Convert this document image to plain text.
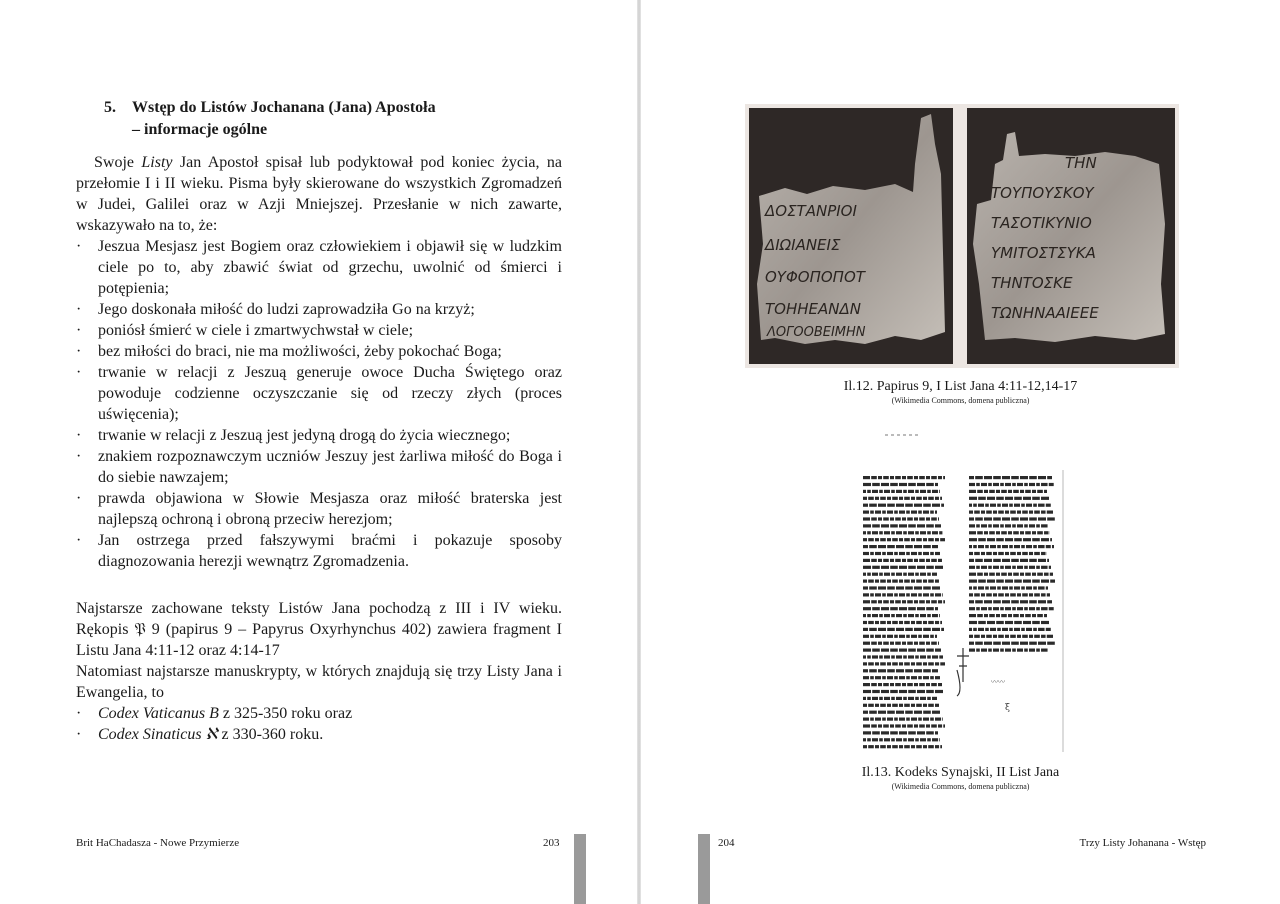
5. Wstęp do Listów Jochanana (Jana) Apostoła
– informacje ogólne

Swoje Listy Jan Apostoł spisał lub podyktował pod koniec życia, na przełomie I i II wieku. Pisma były skierowane do wszystkich Zgromadzeń w Judei, Galilei oraz w Azji Mniejszej. Przesłanie w nich zawarte, wskazywało na to, że:

· Jeszua Mesjasz jest Bogiem oraz człowiekiem i objawił się w ludzkim ciele po to, aby zbawić świat od grzechu, uwolnić od śmierci i potępienia;
· Jego doskonała miłość do ludzi zaprowadziła Go na krzyż;
· poniósł śmierć w ciele i zmartwychwstał w ciele;
· bez miłości do braci, nie ma możliwości, żeby pokochać Boga;
· trwanie w relacji z Jeszuą generuje owoce Ducha Świętego oraz powoduje codzienne oczyszczanie się od rzeczy złych (proces uświęcenia);
· trwanie w relacji z Jeszuą jest jedyną drogą do życia wiecznego;
· znakiem rozpoznawczym uczniów Jeszuy jest żarliwa miłość do Boga i do siebie nawzajem;
· prawda objawiona w Słowie Mesjasza oraz miłość braterska jest najlepszą ochroną i obroną przeciw herezjom;
· Jan ostrzega przed fałszywymi braćmi i pokazuje sposoby diagnozowania herezji wewnątrz Zgromadzenia.

Najstarsze zachowane teksty Listów Jana pochodzą z III i IV wieku. Rękopis 𝔓 9 (papirus 9 – Papyrus Oxyrhynchus 402) zawiera fragment I Listu Jana 4:11-12 oraz 4:14-17

Natomiast najstarsze manuskrypty, w których znajdują się trzy Listy Jana i Ewangelia, to

· Codex Vaticanus B z 325-350 roku oraz
· Codex Sinaticus ℵ z 330-360 roku.
Brit HaChadasza - Nowe Przymierze	203
ΔΟΣΤΑΝΡΙΟΙ
ΔΙΩΙΑΝΕΙΣ
ΟΥΦΟΠΟΠΟΤ
ΤΟΗΗΕΑΝΔΝ
ΛΟΓΟΟΒΕΙΜΗΝ
ΤΗΝ
ΤΟΥΠΟΥΣΚΟΥ
ΤΑΣΟΤΙΚΥΝΙΟ
ΥΜΙΤΟΣΤΣΥΚΑ
ΤΗΝΤΟΣΚΕ
ΤΩΝΗΝΑΑΙΕΕΕ
Il.12. Papirus 9, I List Jana 4:11-12,14-17
(Wikimedia Commons, domena publiczna)
〰〰
ξ
Il.13. Kodeks Synajski, II List Jana
(Wikimedia Commons, domena publiczna)
204	Trzy Listy Johanana - Wstęp
